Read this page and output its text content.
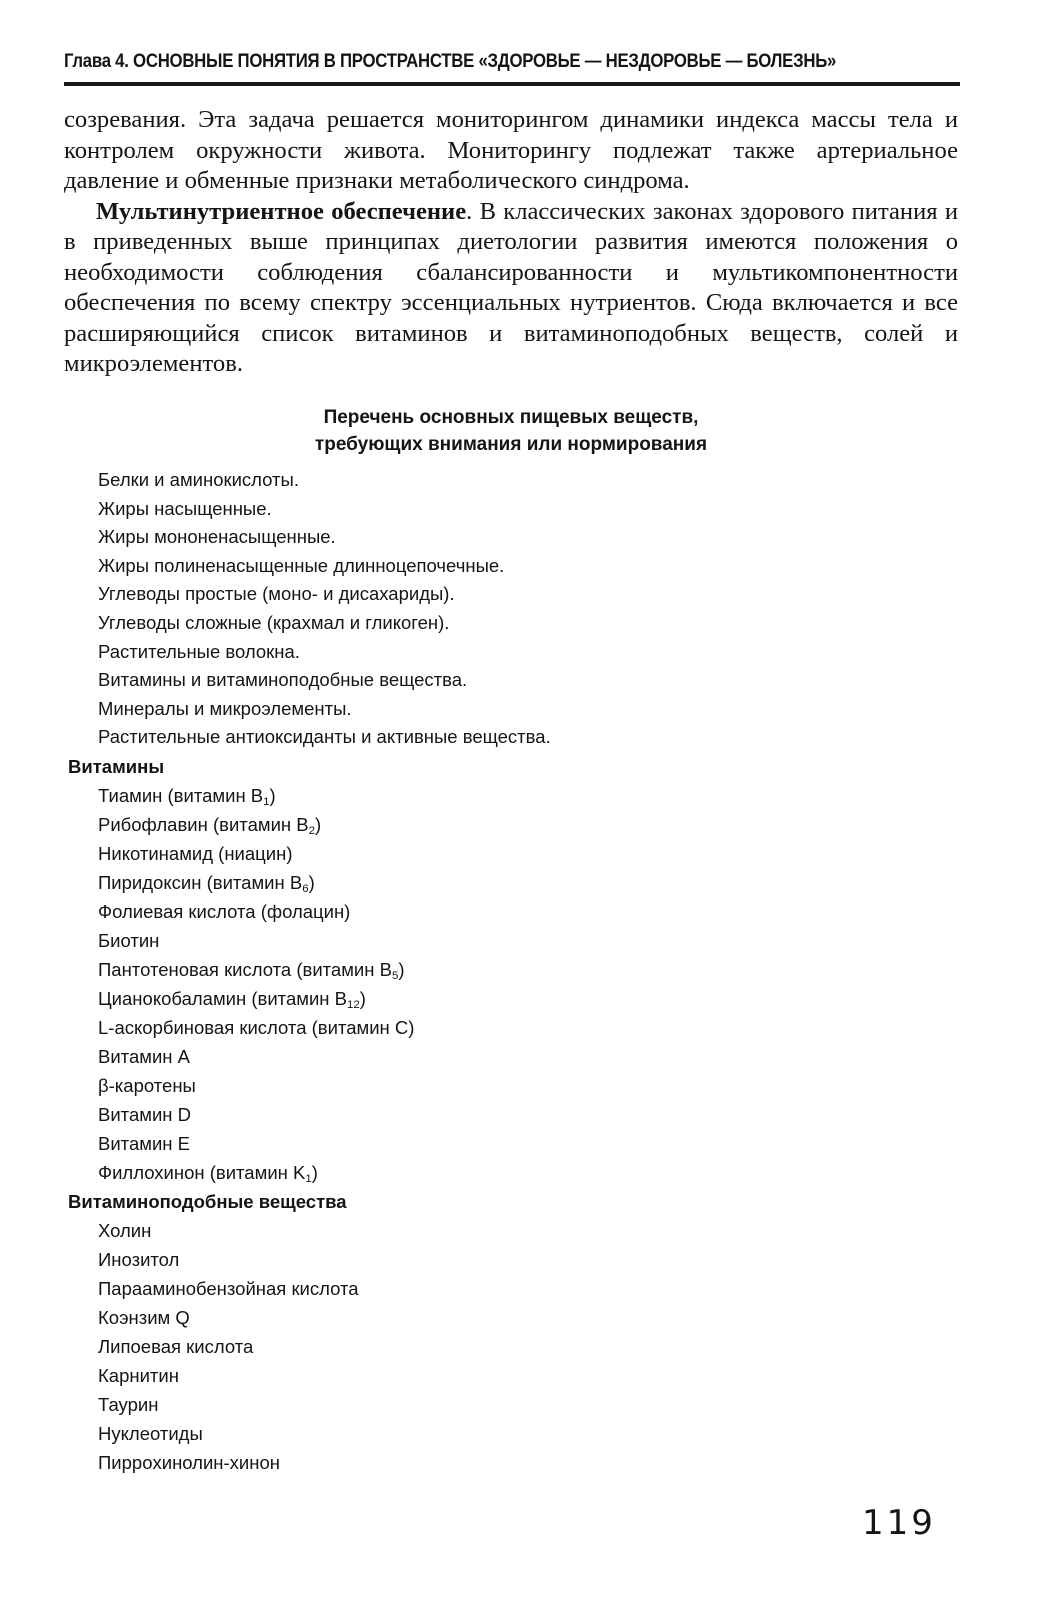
Глава 4. ОСНОВНЫЕ ПОНЯТИЯ В ПРОСТРАНСТВЕ «ЗДОРОВЬЕ — НЕЗДОРОВЬЕ — БОЛЕЗНЬ»

созревания. Эта задача решается мониторингом динамики индекса массы тела и контролем окружности живота. Мониторингу подлежат также артериальное давление и обменные признаки метаболического синдрома.

Мультинутриентное обеспечение. В классических законах здорового питания и в приведенных выше принципах диетологии развития имеются положения о необходимости соблюдения сбалансированности и мультикомпонентности обеспечения по всему спектру эссенциальных нутриентов. Сюда включается и все расширяющийся список витаминов и витаминоподобных веществ, солей и микроэлементов.

Перечень основных пищевых веществ,
требующих внимания или нормирования
Белки и аминокислоты.
Жиры насыщенные.
Жиры мононенасыщенные.
Жиры полиненасыщенные длинноцепочечные.
Углеводы простые (моно- и дисахариды).
Углеводы сложные (крахмал и гликоген).
Растительные волокна.
Витамины и витаминоподобные вещества.
Минералы и микроэлементы.
Растительные антиоксиданты и активные вещества.
Витамины
Тиамин (витамин $B_1$)
Рибофлавин (витамин $B_2$)
Никотинамид (ниацин)
Пиридоксин (витамин $B_6$)
Фолиевая кислота (фолацин)
Биотин
Пантотеновая кислота (витамин $B_5$)
Цианокобаламин (витамин $B_{12}$)
L-аскорбиновая кислота (витамин C)
Витамин A
β-каротены
Витамин D
Витамин E
Филлохинон (витамин $K_1$)
Витаминоподобные вещества
Холин
Инозитол
Парааминобензойная кислота
Коэнзим Q
Липоевая кислота
Карнитин
Таурин
Нуклеотиды
Пирроxинолин-хинон
119
